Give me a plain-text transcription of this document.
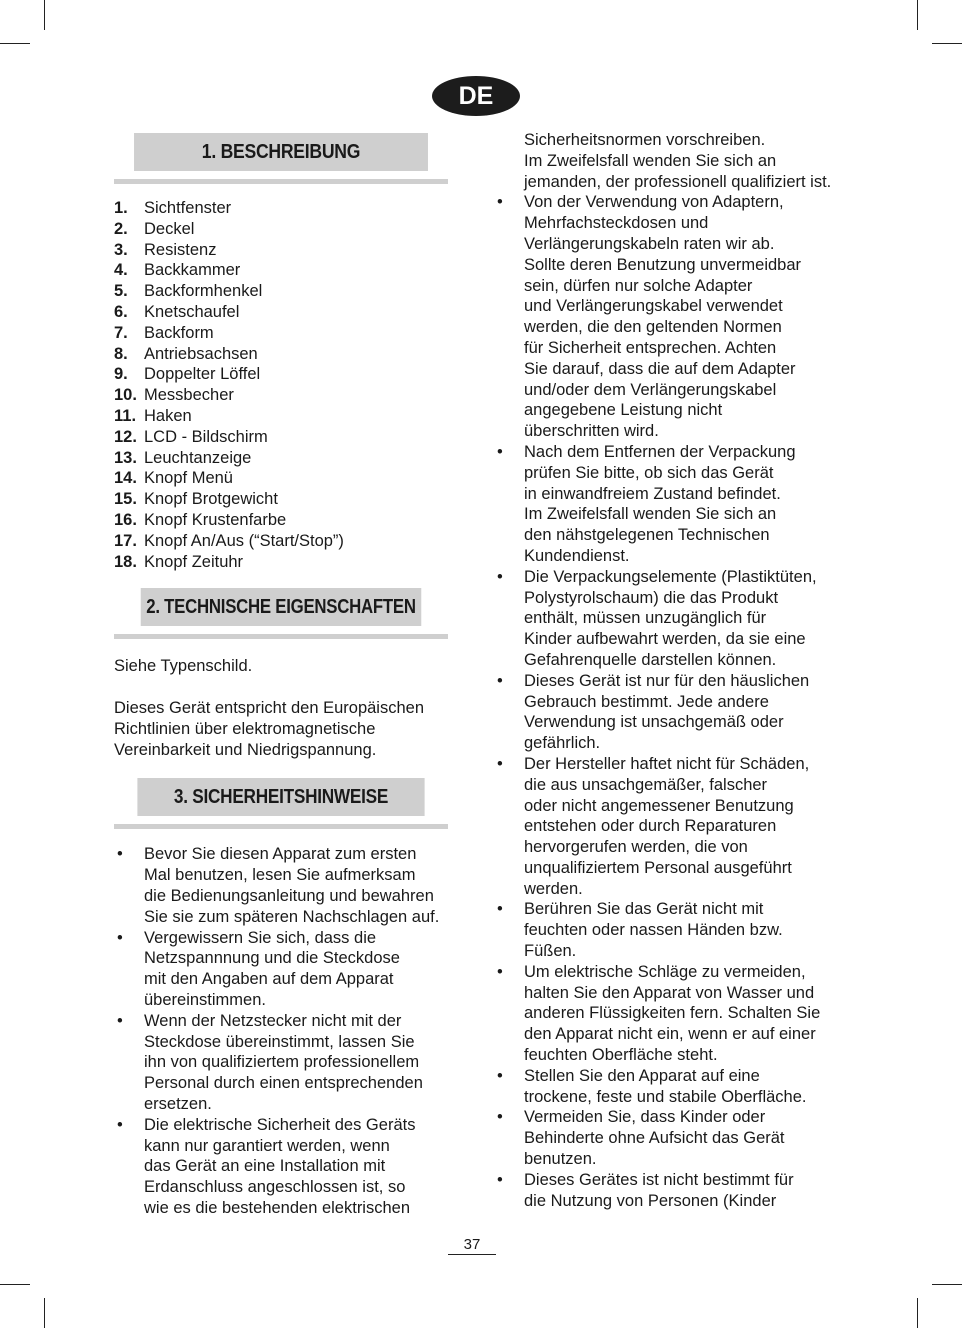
DE
1. BESCHREIBUNG
1. Sichtfenster
2. Deckel
3. Resistenz
4. Backkammer
5. Backformhenkel
6. Knetschaufel
7. Backform
8. Antriebsachsen
9. Doppelter Löffel
10. Messbecher
11. Haken
12. LCD - Bildschirm
13. Leuchtanzeige
14. Knopf Menü
15. Knopf Brotgewicht
16. Knopf Krustenfarbe
17. Knopf An/Aus (“Start/Stop”)
18. Knopf Zeituhr
2. TECHNISCHE EIGENSCHAFTEN

Siehe Typenschild.

Dieses Gerät entspricht den Europäischen
Richtlinien über elektromagnetische
Vereinbarkeit und Niedrigspannung.

3. SICHERHEITSHINWEISE
• Bevor Sie diesen Apparat zum ersten
Mal benutzen, lesen Sie aufmerksam
die Bedienungsanleitung und bewahren
Sie sie zum späteren Nachschlagen auf.
• Vergewissern Sie sich, dass die
Netzspannnung und die Steckdose
mit den Angaben auf dem Apparat
übereinstimmen.
• Wenn der Netzstecker nicht mit der
Steckdose übereinstimmt, lassen Sie
ihn von qualifiziertem professionellem
Personal durch einen entsprechenden
ersetzen.
• Die elektrische Sicherheit des Geräts
kann nur garantiert werden, wenn
das Gerät an eine Installation mit
Erdanschluss angeschlossen ist, so
wie es die bestehenden elektrischen
Sicherheitsnormen vorschreiben.
Im Zweifelsfall wenden Sie sich an
jemanden, der professionell qualifiziert ist.
• Von der Verwendung von Adaptern,
Mehrfachsteckdosen und
Verlängerungskabeln raten wir ab.
Sollte deren Benutzung unvermeidbar
sein, dürfen nur solche Adapter
und Verlängerungskabel verwendet
werden, die den geltenden Normen
für Sicherheit entsprechen. Achten
Sie darauf, dass die auf dem Adapter
und/oder dem Verlängerungskabel
angegebene Leistung nicht
überschritten wird.
• Nach dem Entfernen der Verpackung
prüfen Sie bitte, ob sich das Gerät
in einwandfreiem Zustand befindet.
Im Zweifelsfall wenden Sie sich an
den nähstgelegenen Technischen
Kundendienst.
• Die Verpackungselemente (Plastiktüten,
Polystyrolschaum) die das Produkt
enthält, müssen unzugänglich für
Kinder aufbewahrt werden, da sie eine
Gefahrenquelle darstellen können.
• Dieses Gerät ist nur für den häuslichen
Gebrauch bestimmt. Jede andere
Verwendung ist unsachgemäß oder
gefährlich.
• Der Hersteller haftet nicht für Schäden,
die aus unsachgemäßer, falscher
oder nicht angemessener Benutzung
entstehen oder durch Reparaturen
hervorgerufen werden, die von
unqualifiziertem Personal ausgeführt
werden.
• Berühren Sie das Gerät nicht mit
feuchten oder nassen Händen bzw.
Füßen.
• Um elektrische Schläge zu vermeiden,
halten Sie den Apparat von Wasser und
anderen Flüssigkeiten fern. Schalten Sie
den Apparat nicht ein, wenn er auf einer
feuchten Oberfläche steht.
• Stellen Sie den Apparat auf eine
trockene, feste und stabile Oberfläche.
• Vermeiden Sie, dass Kinder oder
Behinderte ohne Aufsicht das Gerät
benutzen.
• Dieses Gerätes ist nicht bestimmt für
die Nutzung von Personen (Kinder
37
